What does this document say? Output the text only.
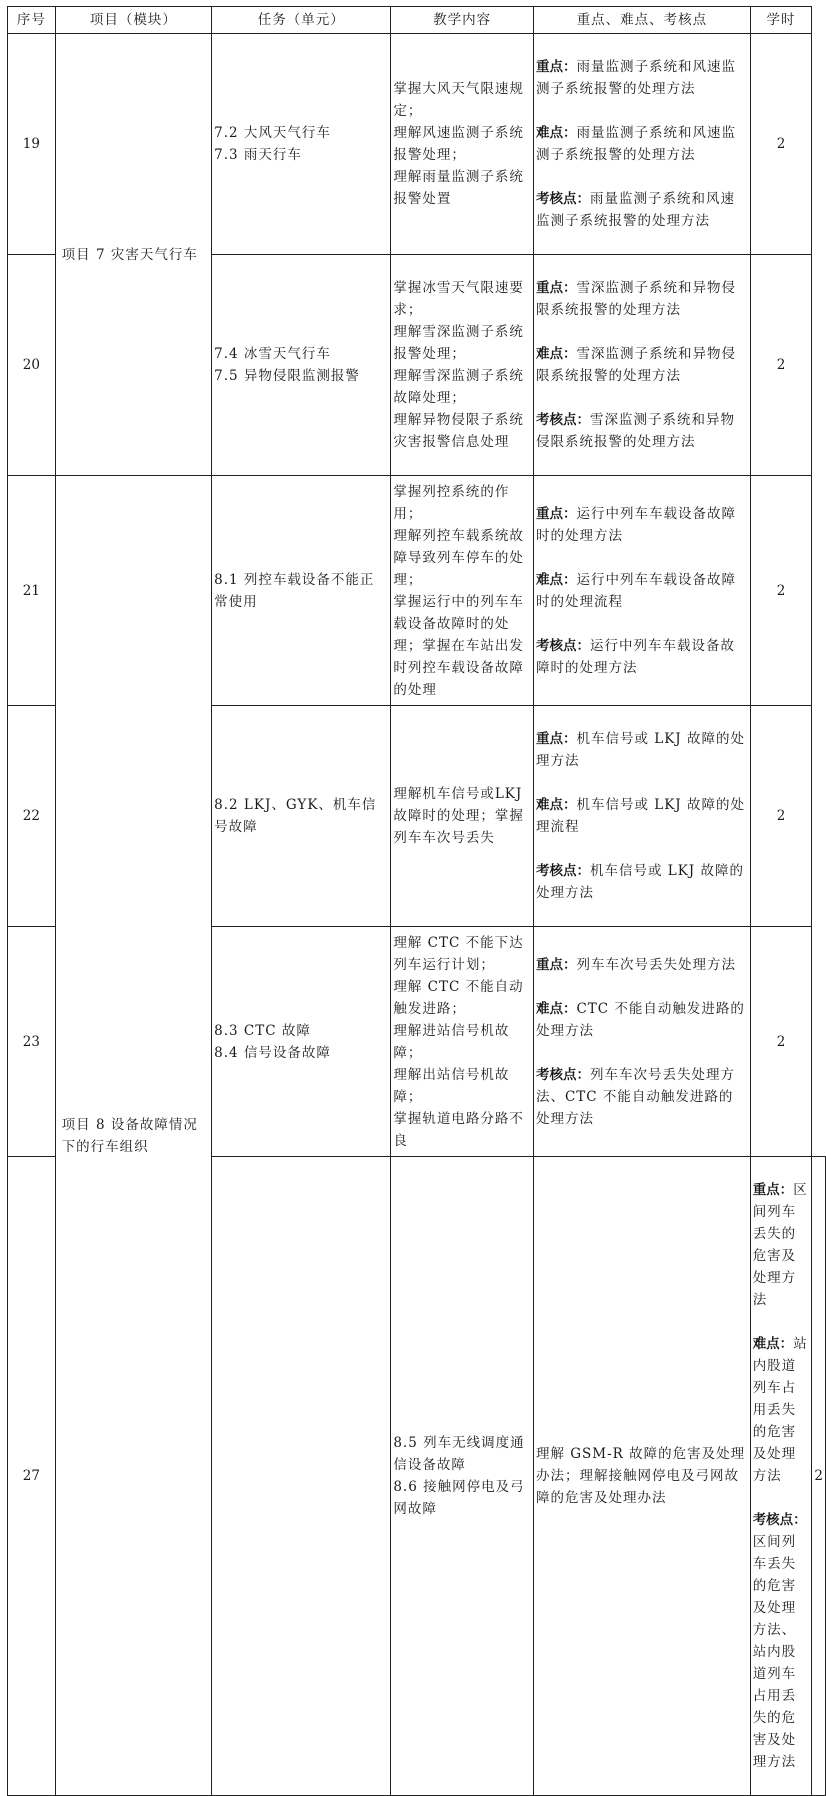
序号	项目（模块）	任务（单元）	教学内容	重点、难点、考核点	学时	
19	项目 7 灾害天气行车	7.2 大风天气行车
7.3 雨天行车	掌握大风天气限速规定；
理解风速监测子系统报警处理；
理解雨量监测子系统报警处置	重点：雨量监测子系统和风速监测子系统报警的处理方法

难点：雨量监测子系统和风速监测子系统报警的处理方法

考核点：雨量监测子系统和风速监测子系统报警的处理方法	2	
20		7.4 冰雪天气行车
7.5 异物侵限监测报警	掌握冰雪天气限速要求；
理解雪深监测子系统报警处理；
理解雪深监测子系统故障处理；
理解异物侵限子系统灾害报警信息处理	重点：雪深监测子系统和异物侵限系统报警的处理方法

难点：雪深监测子系统和异物侵限系统报警的处理方法

考核点：雪深监测子系统和异物侵限系统报警的处理方法	2	
21	项目 8 设备故障情况下的行车组织	8.1 列控车载设备不能正常使用	掌握列控系统的作用；
理解列控车载系统故障导致列车停车的处理；
掌握运行中的列车车载设备故障时的处理；掌握在车站出发时列控车载设备故障的处理	重点：运行中列车车载设备故障时的处理方法

难点：运行中列车车载设备故障时的处理流程

考核点：运行中列车车载设备故障时的处理方法	2	
22		8.2 LKJ、GYK、机车信号故障	理解机车信号或LKJ 故障时的处理；掌握列车车次号丢失	重点：机车信号或 LKJ 故障的处理方法

难点：机车信号或 LKJ 故障的处理流程

考核点：机车信号或 LKJ 故障的处理方法	2	
23		8.3 CTC 故障
8.4 信号设备故障	理解 CTC 不能下达列车运行计划；
理解 CTC 不能自动触发进路；
理解进站信号机故障；
理解出站信号机故障；
掌握轨道电路分路不良	重点：列车车次号丢失处理方法

难点：CTC 不能自动触发进路的处理方法

考核点：列车车次号丢失处理方法、CTC 不能自动触发进路的处理方法	2	
27			8.5 列车无线调度通信设备故障
8.6 接触网停电及弓网故障	理解 GSM-R 故障的危害及处理办法；理解接触网停电及弓网故障的危害及处理办法	重点：区间列车丢失的危害及处理方法

难点：站内股道列车占用丢失的危害及处理方法

考核点：区间列车丢失的危害及处理方法、站内股道列车占用丢失的危害及处理方法	2
